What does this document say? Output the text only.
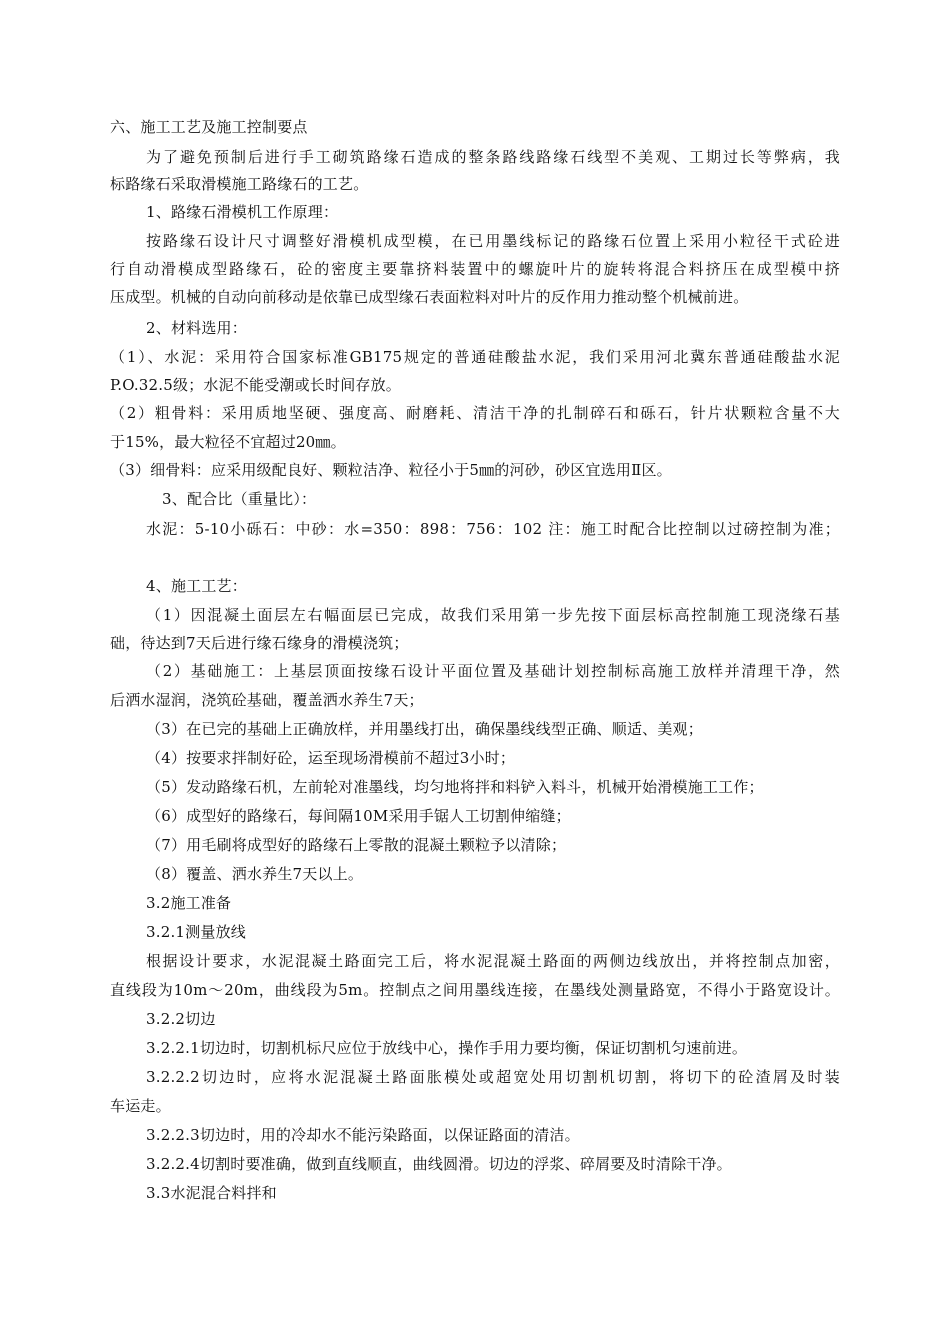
六、施工工艺及施工控制要点
为了避免预制后进行手工砌筑路缘石造成的整条路线路缘石线型不美观、工期过长等弊病，我
标路缘石采取滑模施工路缘石的工艺。
1、路缘石滑模机工作原理：
按路缘石设计尺寸调整好滑模机成型模，在已用墨线标记的路缘石位置上采用小粒径干式砼进
行自动滑模成型路缘石，砼的密度主要靠挤料装置中的螺旋叶片的旋转将混合料挤压在成型模中挤
压成型。机械的自动向前移动是依靠已成型缘石表面粒料对叶片的反作用力推动整个机械前进。
2、材料选用：
（1）、水泥：采用符合国家标准GB175规定的普通硅酸盐水泥，我们采用河北冀东普通硅酸盐水泥
P.O.32.5级；水泥不能受潮或长时间存放。
（2）粗骨料：采用质地坚硬、强度高、耐磨耗、清洁干净的扎制碎石和砾石，针片状颗粒含量不大
于15%，最大粒径不宜超过20㎜。
（3）细骨料：应采用级配良好、颗粒洁净、粒径小于5㎜的河砂，砂区宜选用Ⅱ区。
3、配合比（重量比）：
水泥：5-10小砾石：中砂：水=350：898：756：102 注：施工时配合比控制以过磅控制为准；
4、施工工艺：
（1）因混凝土面层左右幅面层已完成，故我们采用第一步先按下面层标高控制施工现浇缘石基
础，待达到7天后进行缘石缘身的滑模浇筑；
（2）基础施工：上基层顶面按缘石设计平面位置及基础计划控制标高施工放样并清理干净，然
后洒水湿润，浇筑砼基础，覆盖洒水养生7天；
（3）在已完的基础上正确放样，并用墨线打出，确保墨线线型正确、顺适、美观；
（4）按要求拌制好砼，运至现场滑模前不超过3小时；
（5）发动路缘石机，左前轮对准墨线，均匀地将拌和料铲入料斗，机械开始滑模施工工作；
（6）成型好的路缘石，每间隔10M采用手锯人工切割伸缩缝；
（7）用毛刷将成型好的路缘石上零散的混凝土颗粒予以清除；
（8）覆盖、洒水养生7天以上。
3.2施工准备
3.2.1测量放线
根据设计要求，水泥混凝土路面完工后，将水泥混凝土路面的两侧边线放出，并将控制点加密，
直线段为10m～20m，曲线段为5m。控制点之间用墨线连接，在墨线处测量路宽，不得小于路宽设计。
3.2.2切边
3.2.2.1切边时，切割机标尺应位于放线中心，操作手用力要均衡，保证切割机匀速前进。
3.2.2.2切边时，应将水泥混凝土路面胀模处或超宽处用切割机切割，将切下的砼渣屑及时装
车运走。
3.2.2.3切边时，用的冷却水不能污染路面，以保证路面的清洁。
3.2.2.4切割时要准确，做到直线顺直，曲线圆滑。切边的浮浆、碎屑要及时清除干净。
3.3水泥混合料拌和
